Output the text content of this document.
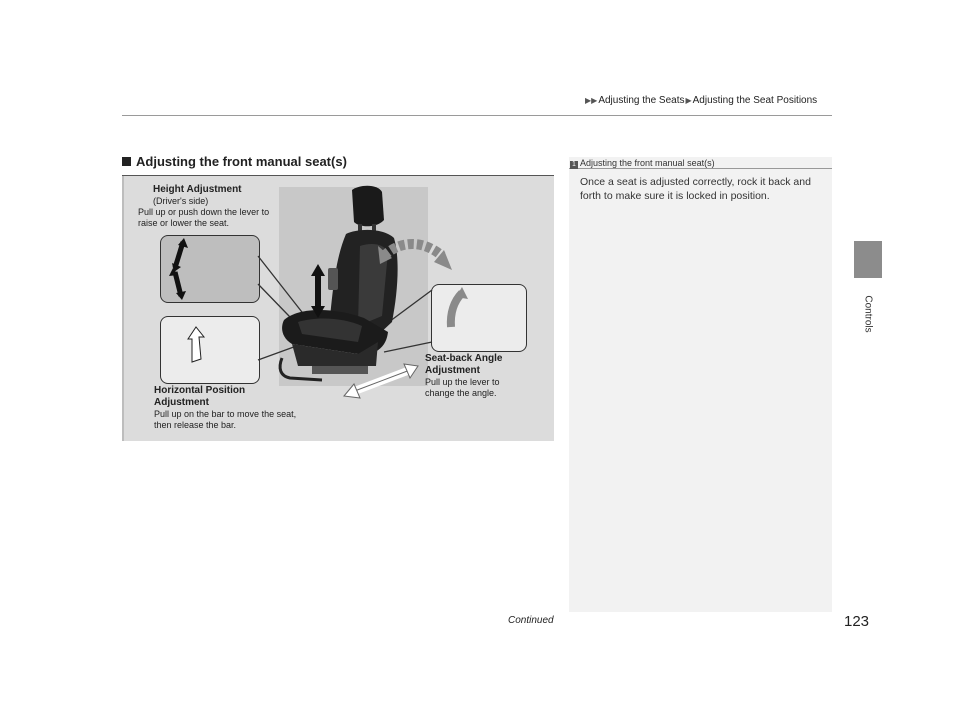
▶▶Adjusting the Seats▶Adjusting the Seat Positions
Controls
Adjusting the front manual seat(s)
Height Adjustment
(Driver's side)
Pull up or push down the lever to raise or lower the seat.
Horizontal Position Adjustment
Pull up on the bar to move the seat, then release the bar.
Seat-back Angle Adjustment
Pull up the lever to change the angle.
1 Adjusting the front manual seat(s)
Once a seat is adjusted correctly, rock it back and forth to make sure it is locked in position.
Continued	123
